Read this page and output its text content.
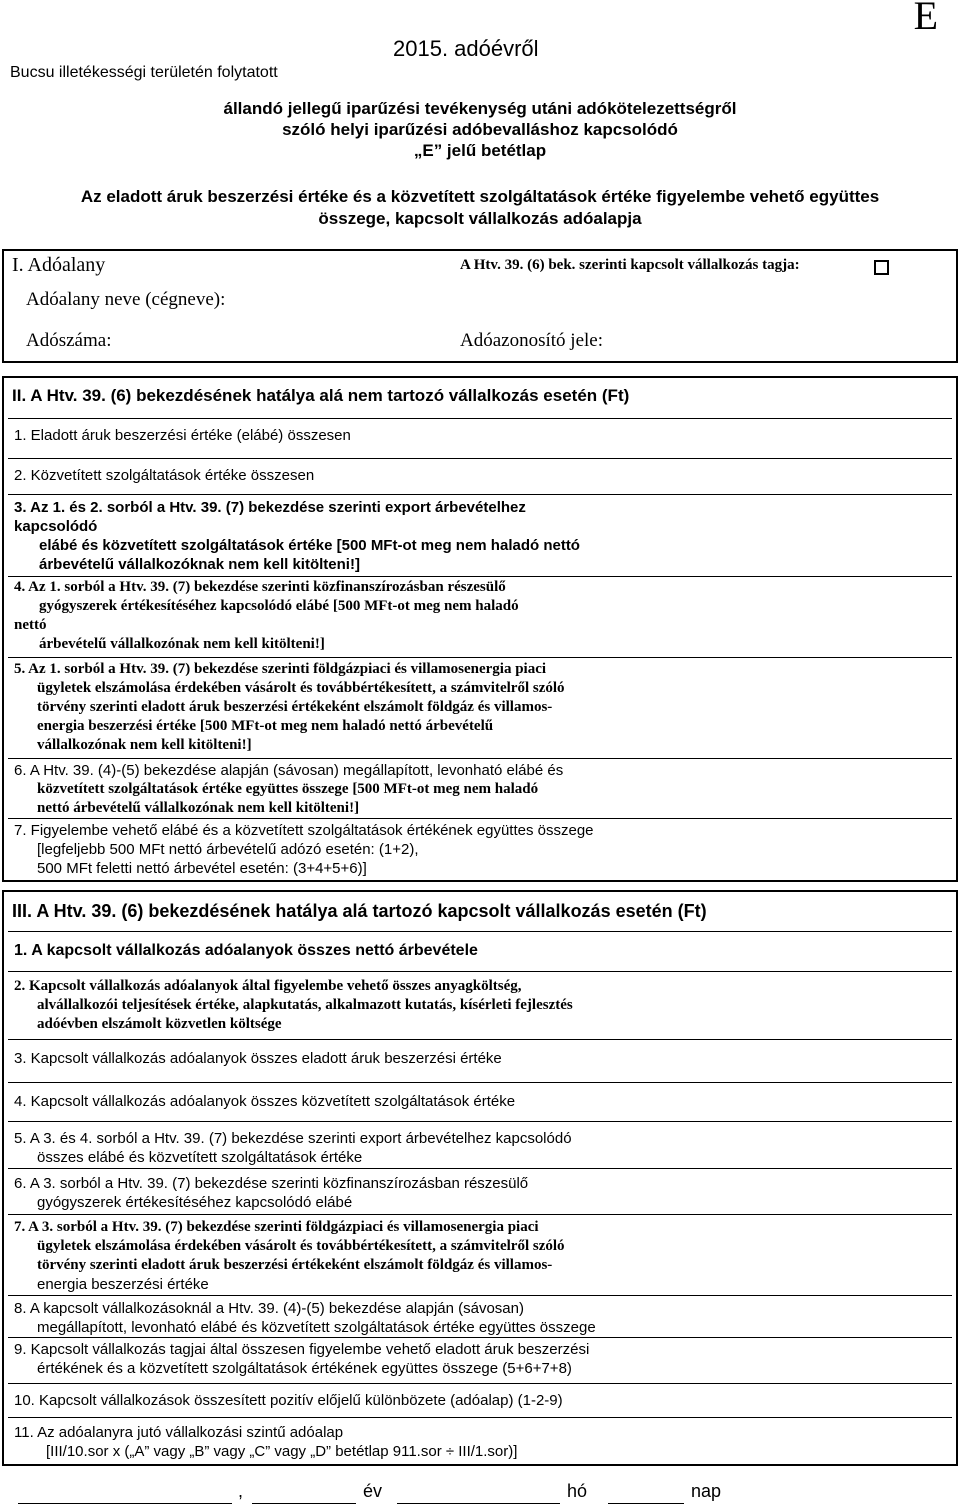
E
Bucsu illetékességi területén folytatott
2015. adóévről
állandó jellegű iparűzési tevékenység utáni adókötelezettségről
szóló helyi iparűzési adóbevalláshoz kapcsolódó
„E” jelű betétlap
Az eladott áruk beszerzési értéke és a közvetített szolgáltatások értéke figyelembe vehető együttes
összege, kapcsolt vállalkozás adóalapja
I. Adóalany	A Htv. 39. (6) bek. szerinti kapcsolt vállalkozás tagja:
Adóalany neve (cégneve):
Adószáma:	Adóazonosító jele:
II. A Htv. 39. (6) bekezdésének hatálya alá nem tartozó vállalkozás esetén (Ft)
1. Eladott áruk beszerzési értéke (elábé) összesen
2. Közvetített szolgáltatások értéke összesen
3. Az 1. és 2. sorból a Htv. 39. (7) bekezdése szerinti export árbevételhez
kapcsolódó
elábé és közvetített szolgáltatások értéke [500 MFt-ot meg nem haladó nettó
árbevételű vállalkozóknak nem kell kitölteni!]
4. Az 1. sorból a Htv. 39. (7) bekezdése szerinti közfinanszírozásban részesülő
gyógyszerek értékesítéséhez kapcsolódó elábé [500 MFt-ot meg nem haladó
nettó
árbevételű vállalkozónak nem kell kitölteni!]
5. Az 1. sorból a Htv. 39. (7) bekezdése szerinti földgázpiaci és villamosenergia piaci
ügyletek elszámolása érdekében vásárolt és továbbértékesített, a számvitelről szóló
törvény szerinti eladott áruk beszerzési értékeként elszámolt földgáz és villamos-
energia beszerzési értéke [500 MFt-ot meg nem haladó nettó árbevételű
vállalkozónak nem kell kitölteni!]
6. A Htv. 39. (4)-(5) bekezdése alapján (sávosan) megállapított, levonható elábé és
közvetített szolgáltatások értéke együttes összege [500 MFt-ot meg nem haladó
nettó árbevételű vállalkozónak nem kell kitölteni!]
7. Figyelembe vehető elábé és a közvetített szolgáltatások értékének együttes összege
[legfeljebb 500 MFt nettó árbevételű adózó esetén: (1+2),
500 MFt feletti nettó árbevétel esetén: (3+4+5+6)]
III. A Htv. 39. (6) bekezdésének hatálya alá tartozó kapcsolt vállalkozás esetén (Ft)
1. A kapcsolt vállalkozás adóalanyok összes nettó árbevétele
2. Kapcsolt vállalkozás adóalanyok által figyelembe vehető összes anyagköltség,
alvállalkozói teljesítések értéke, alapkutatás, alkalmazott kutatás, kísérleti fejlesztés
adóévben elszámolt közvetlen költsége
3. Kapcsolt vállalkozás adóalanyok összes eladott áruk beszerzési értéke
4. Kapcsolt vállalkozás adóalanyok összes közvetített szolgáltatások értéke
5. A 3. és 4. sorból a Htv. 39. (7) bekezdése szerinti export árbevételhez kapcsolódó
összes elábé és közvetített szolgáltatások értéke
6. A 3. sorból a Htv. 39. (7) bekezdése szerinti közfinanszírozásban részesülő
gyógyszerek értékesítéséhez kapcsolódó elábé
7. A 3. sorból a Htv. 39. (7) bekezdése szerinti földgázpiaci és villamosenergia piaci
ügyletek elszámolása érdekében vásárolt és továbbértékesített, a számvitelről szóló
törvény szerinti eladott áruk beszerzési értékeként elszámolt földgáz és villamos-
energia beszerzési értéke
8. A kapcsolt vállalkozásoknál a Htv. 39. (4)-(5) bekezdése alapján (sávosan)
megállapított, levonható elábé és közvetített szolgáltatások értéke együttes összege
9. Kapcsolt vállalkozás tagjai által összesen figyelembe vehető eladott áruk beszerzési
értékének és a közvetített szolgáltatások értékének együttes összege (5+6+7+8)
10. Kapcsolt vállalkozások összesített pozitív előjelű különbözete (adóalap) (1-2-9)
11. Az adóalanyra jutó vállalkozási szintű adóalap
[III/10.sor x („A” vagy „B” vagy „C” vagy „D” betétlap 911.sor ÷ III/1.sor)]
,	év	hó	nap
